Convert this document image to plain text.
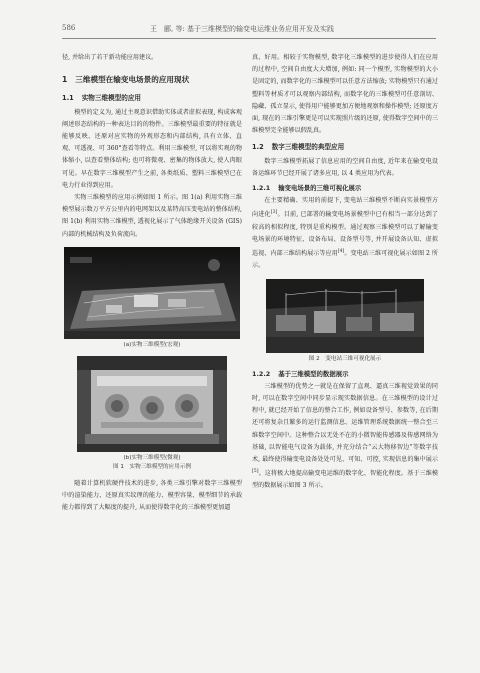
586	王　郦, 等: 基于三维模型的输变电运维业务应用开发及实践

径, 并给出了若干新功能应用建议。

1 三维模型在输变电场景的应用现状
1.1 实物三维模型的应用

模型的定义为, 通过主观意识借助实体或者虚拟表现, 构成客观阐述形态结构的一种表达目的的物件。三维模型最重要的特征就是能够反映、还原对应实物的外观形态和内部结构, 具有立体、直观、可透视、可 360°查看等特点。利用三维模型, 可以将实观的物体缩小, 以查看整体结构; 也可将微观、密集的物体放大, 使人肉眼可见。早在数字三维模型产生之前, 各类纸质、塑料三维模型已在电力行业得到应用。

实物三维模型的应用示例如图 1 所示。图 1(a) 利用实物三维模型展示数万平方公里内的电网架以及某特高压变电站的整体结构, 图 1(b) 利用实物三维模型, 透视化展示了气体绝缘开关设备 (GIS) 内部的机械结构及负荷流向。

(a)实物三维模型(宏观)
(b)实物三维模型(微观)
图 1　实物三维模型的应用示例

随着计算机软硬件技术的进步, 各类三维引擎对数字三维模型中的渲染能力、还原真实纹理的能力、模型容量、模型细节的承载能力都得到了大幅度的提升, 从而使得数字化的三维模型更加逼

真、好用。相较于实物模型, 数字化三维模型的进步使得人们在应用的过程中, 空间自由度大大增加, 例如: 同一个模型, 实物模型的大小是固定的, 而数字化的三维模型可以任意方法缩放; 实物模型只有通过塑料等材质才可以观察内部结构, 而数字化的三维模型可任意剖切、隐藏、孤立显示, 使得用户能够更加方便地观察和操作模型; 还原度方面, 现在的三维引擎更是可以实现照片级的还原, 使得数字空间中的三维模型完全能够以假乱真。

1.2 数字三维模型的典型应用

数字三维模型拓展了信息应用的空间自由度, 近年来在输变电设备运维环节已经开展了诸多应用, 以 4 类应用为代表。

1.2.1 输变电场景的三维可视化展示

在主要精确、实用的前提下, 变电站三维模型不断向实景模型方向进化[3]。目前, 已部署的输变电场景模型中已有相当一部分达到了较高的相似程度, 特别是重构模型。通过观察三维模型可以了解输变电场景的环境特征、设备布局、设备型号等, 并开展设备认知、虚拟巡视、内部三维结构展示等应用[4]。变电站三维可视化展示如图 2 所示。

图 2　变电站三维可视化展示
1.2.2 基于三维模型的数据展示

三维模型的优势之一就是在保留了直观、逼真三维视觉效果的同时, 可以在数字空间中同步显示现实数据信息。在三维模型的设计过程中, 就已经开始了信息的整合工作, 例如设备型号、参数等, 在后期还可将复杂且繁多的运行监测信息、运维管理系统数据统一整合至三维数字空间中。这种整合以无处不在的小微智能传感器及传感网络为基础, 以智能电气设备为载体, 并充分结合“云大物移智边”等数字技术, 最终使得输变电设备处处可见、可知、可控, 实现信息的集中展示[5]。这将极大地提高输变电运维的数字化、智能化程度。基于三维模型的数据展示如图 3 所示。
